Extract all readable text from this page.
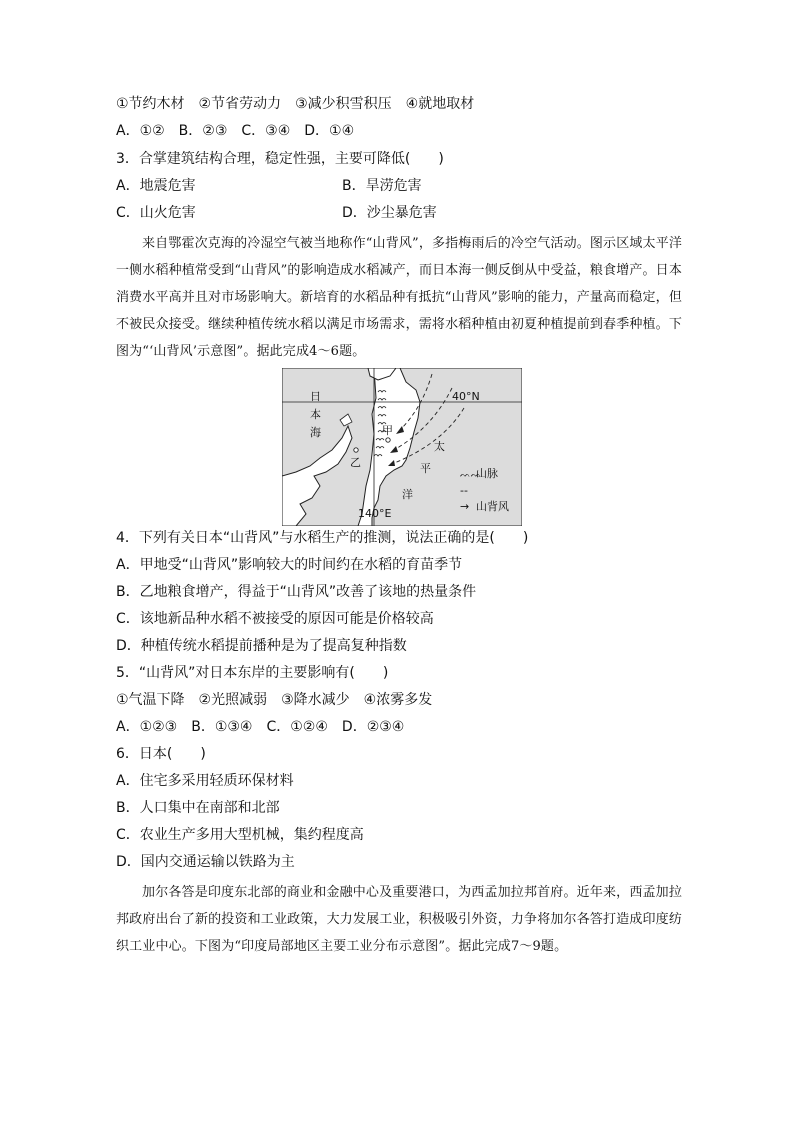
①节约木材　②节省劳动力　③减少积雪积压　④就地取材
A．①②　B．②③　C．③④　D．①④
3．合掌建筑结构合理，稳定性强，主要可降低(　　)
A．地震危害	B．旱涝危害
C．山火危害	D．沙尘暴危害
来自鄂霍次克海的冷湿空气被当地称作“山背风”，多指梅雨后的冷空气活动。图示区域太平洋一侧水稻种植常受到“山背风”的影响造成水稻减产，而日本海一侧反倒从中受益，粮食增产。日本消费水平高并且对市场影响大。新培育的水稻品种有抵抗“山背风”影响的能力，产量高而稳定，但不被民众接受。继续种植传统水稻以满足市场需求，需将水稻种植由初夏种植提前到春季种植。下图为“‘山背风’示意图”。据此完成4～6题。
日
本
海
太
平
洋
甲
乙
40°N
140°E
ᨓᨓ山脉
--→ 山背风
4．下列有关日本“山背风”与水稻生产的推测，说法正确的是(　　)
A．甲地受“山背风”影响较大的时间约在水稻的育苗季节
B．乙地粮食增产，得益于“山背风”改善了该地的热量条件
C．该地新品种水稻不被接受的原因可能是价格较高
D．种植传统水稻提前播种是为了提高复种指数
5．“山背风”对日本东岸的主要影响有(　　)
①气温下降　②光照减弱　③降水减少　④浓雾多发
A．①②③　B．①③④　C．①②④　D．②③④
6．日本(　　)
A．住宅多采用轻质环保材料
B．人口集中在南部和北部
C．农业生产多用大型机械，集约程度高
D．国内交通运输以铁路为主
加尔各答是印度东北部的商业和金融中心及重要港口，为西孟加拉邦首府。近年来，西孟加拉邦政府出台了新的投资和工业政策，大力发展工业，积极吸引外资，力争将加尔各答打造成印度纺织工业中心。下图为“印度局部地区主要工业分布示意图”。据此完成7～9题。
